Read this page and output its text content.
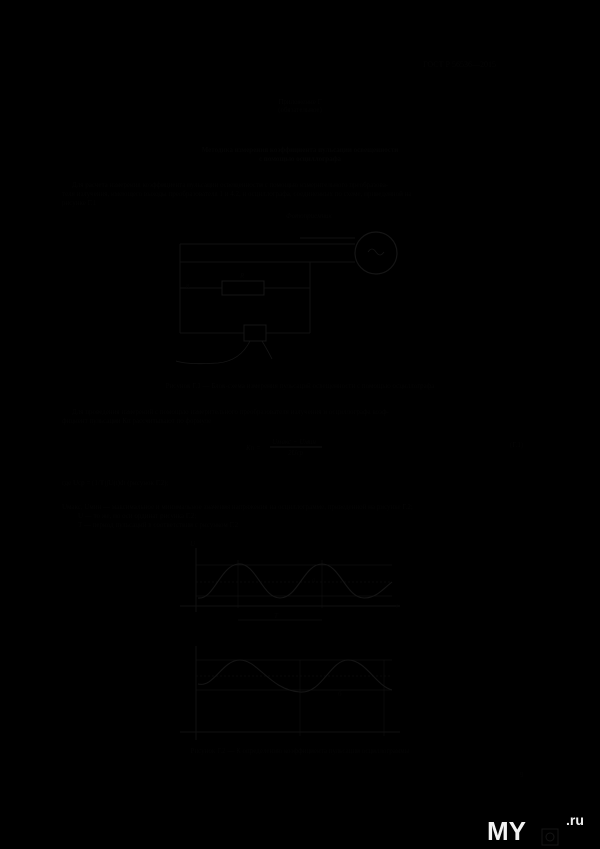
ГОСТ Р 56536—2015
Приложение Г
(обязательное)
Методика измерения коэффициента пульсации освещенности
с помощью осциллографа
Для расчета измерения коэффициента пульсации освещенности с помощью измерительного преобразова-
теля излучения, имеющего выходы преобразователя 1 и 4.2, и осциллографа, соединенных по схеме, приведенной на
рисунке Г.1
Фотоприемник
R
n
Рисунок Г.1 — Блок-схема измерения пульсаций освещенности с помощью осциллографа
Для проведения измерений с помощью измерительного преобразователя излучения и осциллографа коэф-
фициент пульсации Кп рассчитывают по формуле
Кп =
Uмакс − Uмин
2Uср
(Г.1)
где Uср = (1/T)∫U(t)dt (рисунок Г.2);
Uмакс, Uмин — максимальное и минимальное значения напряжения на осциллограмме, приведенной на рисунке Г.2;
U — то же, по оси ординат рисунка Г.2;
T — период пульсаций в соответствии с рисунком Г.2
U
t
T
a
б
Рисунок Г.2 — К определению коэффициента пульсации осциллограммы
9
MY	.ru
